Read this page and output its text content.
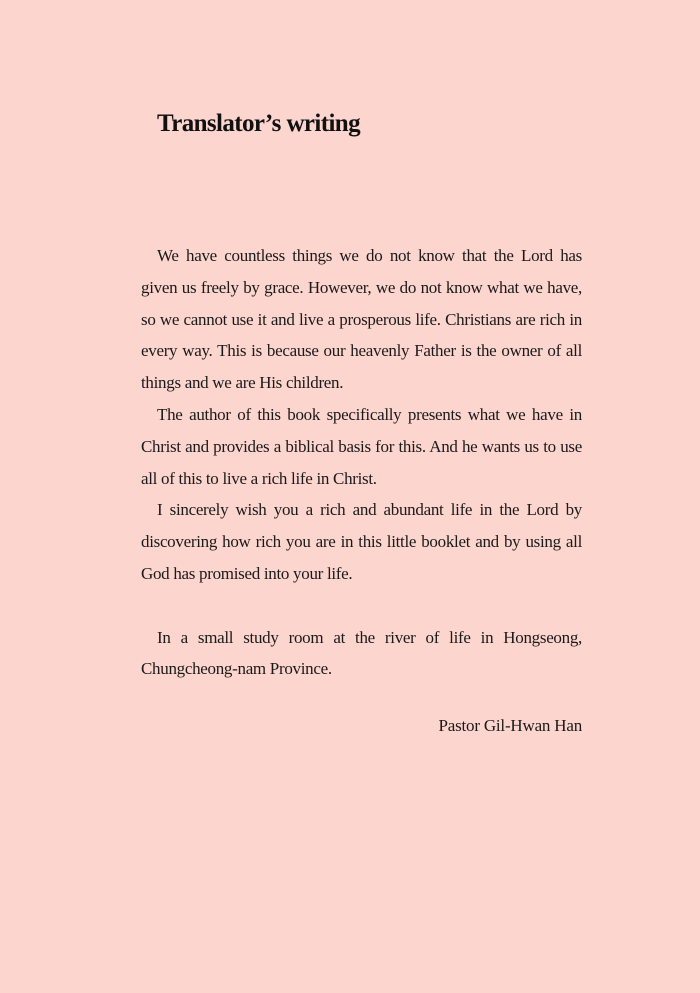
Translator’s writing

We have countless things we do not know that the Lord has given us freely by grace. However, we do not know what we have, so we cannot use it and live a prosperous life. Christians are rich in every way. This is because our heavenly Father is the owner of all things and we are His children.

The author of this book specifically presents what we have in Christ and provides a biblical basis for this. And he wants us to use all of this to live a rich life in Christ.

I sincerely wish you a rich and abundant life in the Lord by discovering how rich you are in this little booklet and by using all God has promised into your life.

In a small study room at the river of life in Hongseong, Chungcheong-nam Province.

Pastor Gil-Hwan Han
